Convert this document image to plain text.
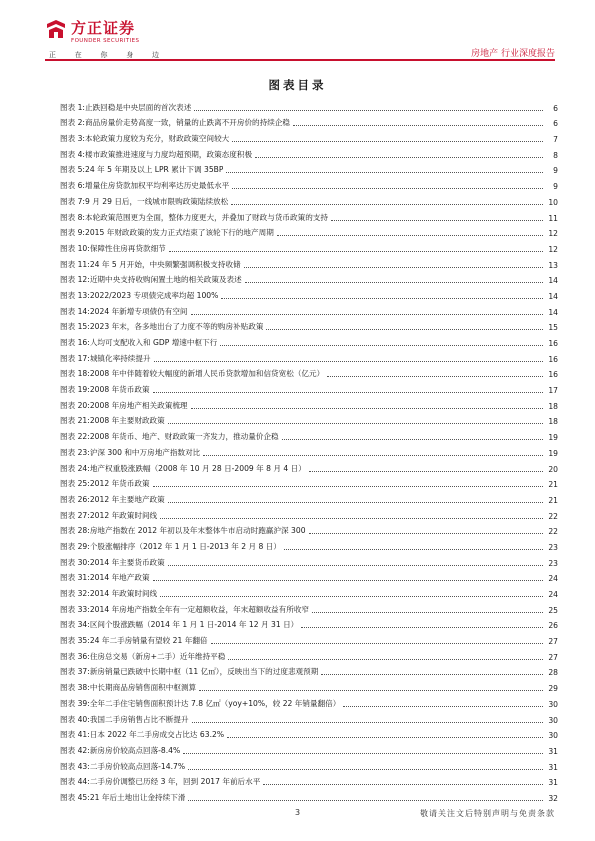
方正证券
FOUNDER SECURITIES
正	在	你	身	边	房地产 行业深度报告
图表目录
图表 1: 止跌回稳是中央层面的首次表述	6
图表 2: 商品房量价走势高度一致，销量的止跌离不开房价的持续企稳	6
图表 3: 本轮政策力度较为充分，财政政策空间较大	7
图表 4: 楼市政策推进速度与力度均超预期，政策态度积极	8
图表 5: 24 年 5 年期及以上 LPR 累计下调 35BP	9
图表 6: 增量住房贷款加权平均利率达历史最低水平	9
图表 7: 9 月 29 日后，一线城市限购政策陆续放松	10
图表 8: 本轮政策范围更为全面，整体力度更大，并叠加了财政与货币政策的支持	11
图表 9: 2015 年财政政策的发力正式结束了该轮下行的地产周期	12
图表 10: 保障性住房再贷款细节	12
图表 11: 24 年 5 月开始，中央频繁强调积极支持收储	13
图表 12: 近期中央支持收购闲置土地的相关政策及表述	14
图表 13: 2022/2023 专项债完成率均超 100%	14
图表 14: 2024 年新增专项债仍有空间	14
图表 15: 2023 年末，各多地出台了力度不等的购房补贴政策	15
图表 16: 人均可支配收入和 GDP 增速中枢下行	16
图表 17: 城镇化率持续提升	16
图表 18: 2008 年中伴随着较大幅度的新增人民币贷款增加和信贷宽松（亿元）	16
图表 19: 2008 年货币政策	17
图表 20: 2008 年房地产相关政策梳理	18
图表 21: 2008 年主要财政政策	18
图表 22: 2008 年货币、地产、财政政策一齐发力，推动量价企稳	19
图表 23: 沪深 300 和中万房地产指数对比	19
图表 24: 地产权重股涨跌幅（2008 年 10 月 28 日-2009 年 8 月 4 日）	20
图表 25: 2012 年货币政策	21
图表 26: 2012 年主要地产政策	21
图表 27: 2012 年政策时间线	22
图表 28: 房地产指数在 2012 年初以及年末整体牛市启动时跑赢沪深 300	22
图表 29: 个股涨幅排序（2012 年 1 月 1 日-2013 年 2 月 8 日）	23
图表 30: 2014 年主要货币政策	23
图表 31: 2014 年地产政策	24
图表 32: 2014 年政策时间线	24
图表 33: 2014 年房地产指数全年有一定超额收益，年末超额收益有所收窄	25
图表 34: 区间个股涨跌幅（2014 年 1 月 1 日-2014 年 12 月 31 日）	26
图表 35: 24 年二手房销量有望较 21 年翻倍	27
图表 36: 住房总交易（新房+二手）近年维持平稳	27
图表 37: 新房销量已跌破中长期中枢（11 亿㎡），反映出当下的过度悲观预期	28
图表 38: 中长期商品房销售面积中枢测算	29
图表 39: 全年二手住宅销售面积预计达 7.8 亿㎡（yoy+10%，较 22 年销量翻倍）	30
图表 40: 我国二手房销售占比不断提升	30
图表 41: 日本 2022 年二手房成交占比达 63.2%	30
图表 42: 新房房价较高点回落-8.4%	31
图表 43: 二手房价较高点回落-14.7%	31
图表 44: 二手房价调整已历经 3 年，回到 2017 年前后水平	31
图表 45: 21 年后土地出让金持续下滑	32
3	敬请关注文后特别声明与免责条款
